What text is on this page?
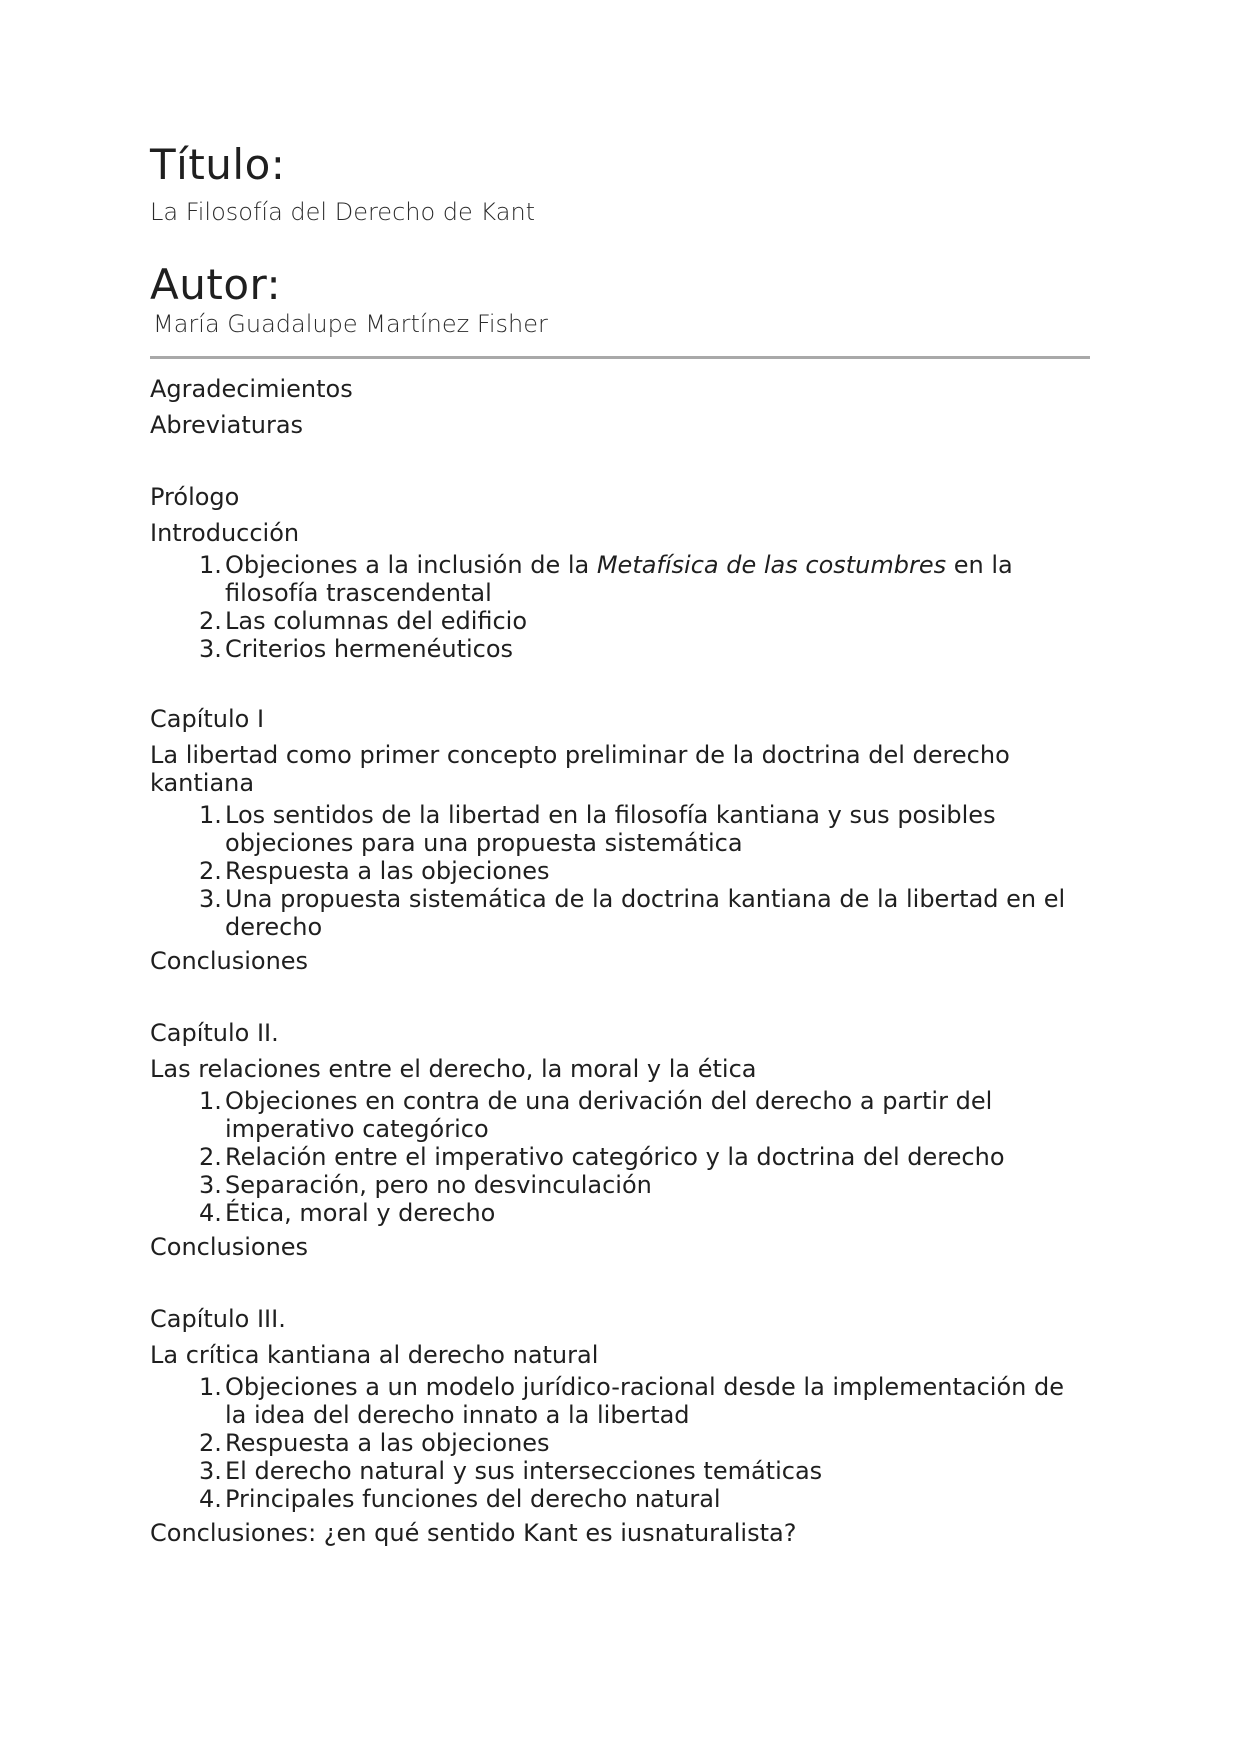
Título:

La Filosofía del Derecho de Kant

Autor:

María Guadalupe Martínez Fisher

Agradecimientos

Abreviaturas

Prólogo

Introducción

1. Objeciones a la inclusión de la Metafísica de las costumbres en la filosofía trascendental
2. Las columnas del edificio
3. Criterios hermenéuticos

Capítulo I

La libertad como primer concepto preliminar de la doctrina del derecho kantiana

1. Los sentidos de la libertad en la filosofía kantiana y sus posibles objeciones para una propuesta sistemática
2. Respuesta a las objeciones
3. Una propuesta sistemática de la doctrina kantiana de la libertad en el derecho

Conclusiones

Capítulo II.

Las relaciones entre el derecho, la moral y la ética

1. Objeciones en contra de una derivación del derecho a partir del imperativo categórico
2. Relación entre el imperativo categórico y la doctrina del derecho
3. Separación, pero no desvinculación
4. Ética, moral y derecho

Conclusiones

Capítulo III.

La crítica kantiana al derecho natural

1. Objeciones a un modelo jurídico-racional desde la implementación de la idea del derecho innato a la libertad
2. Respuesta a las objeciones
3. El derecho natural y sus intersecciones temáticas
4. Principales funciones del derecho natural

Conclusiones: ¿en qué sentido Kant es iusnaturalista?
